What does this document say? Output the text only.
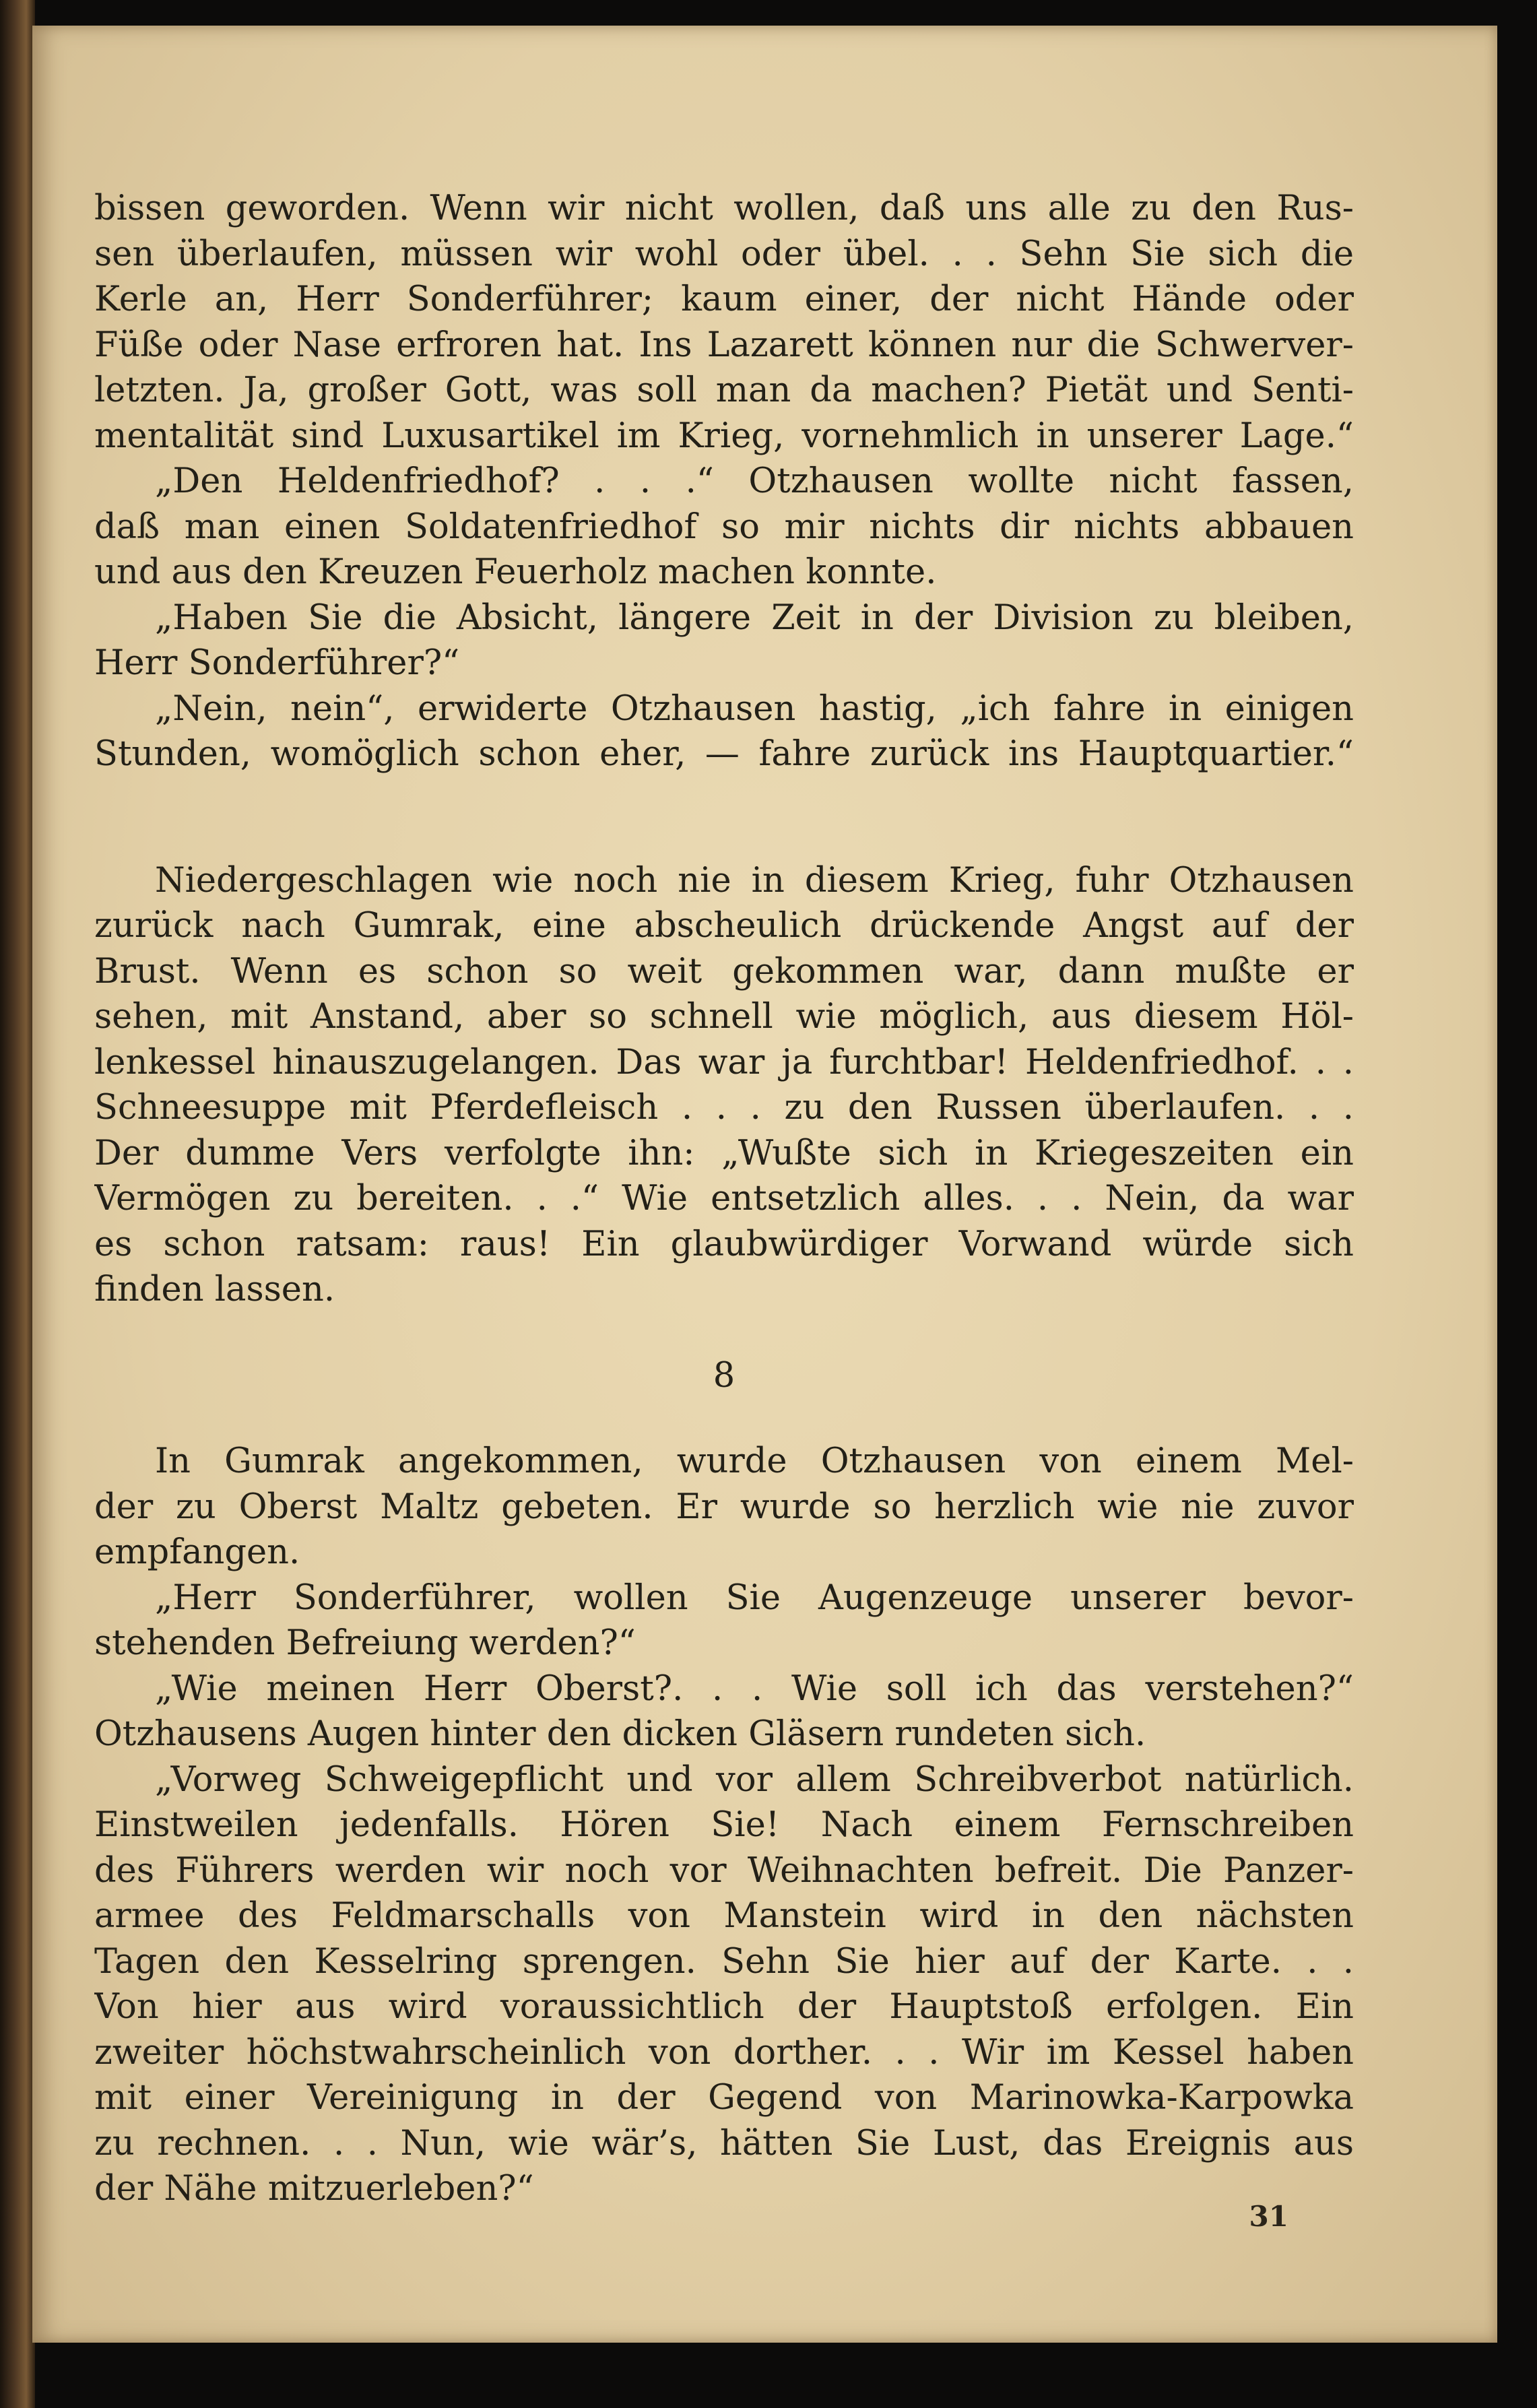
bissen geworden. Wenn wir nicht wollen, daß uns alle zu den Rus-
sen überlaufen, müssen wir wohl oder übel. . . Sehn Sie sich die
Kerle an, Herr Sonderführer; kaum einer, der nicht Hände oder
Füße oder Nase erfroren hat. Ins Lazarett können nur die Schwerver-
letzten. Ja, großer Gott, was soll man da machen? Pietät und Senti-
mentalität sind Luxusartikel im Krieg, vornehmlich in unserer Lage.“
„Den Heldenfriedhof? . . .“ Otzhausen wollte nicht fassen,
daß man einen Soldatenfriedhof so mir nichts dir nichts abbauen
und aus den Kreuzen Feuerholz machen konnte.
„Haben Sie die Absicht, längere Zeit in der Division zu bleiben,
Herr Sonderführer?“
„Nein, nein“, erwiderte Otzhausen hastig, „ich fahre in einigen
Stunden, womöglich schon eher, — fahre zurück ins Hauptquartier.“
Niedergeschlagen wie noch nie in diesem Krieg, fuhr Otzhausen
zurück nach Gumrak, eine abscheulich drückende Angst auf der
Brust. Wenn es schon so weit gekommen war, dann mußte er
sehen, mit Anstand, aber so schnell wie möglich, aus diesem Höl-
lenkessel hinauszugelangen. Das war ja furchtbar! Heldenfriedhof. . .
Schneesuppe mit Pferdefleisch . . . zu den Russen überlaufen. . .
Der dumme Vers verfolgte ihn: „Wußte sich in Kriegeszeiten ein
Vermögen zu bereiten. . .“ Wie entsetzlich alles. . . Nein, da war
es schon ratsam: raus! Ein glaubwürdiger Vorwand würde sich
finden lassen.
8
In Gumrak angekommen, wurde Otzhausen von einem Mel-
der zu Oberst Maltz gebeten. Er wurde so herzlich wie nie zuvor
empfangen.
„Herr Sonderführer, wollen Sie Augenzeuge unserer bevor-
stehenden Befreiung werden?“
„Wie meinen Herr Oberst?. . . Wie soll ich das verstehen?“
Otzhausens Augen hinter den dicken Gläsern rundeten sich.
„Vorweg Schweigepflicht und vor allem Schreibverbot natürlich.
Einstweilen jedenfalls. Hören Sie! Nach einem Fernschreiben
des Führers werden wir noch vor Weihnachten befreit. Die Panzer-
armee des Feldmarschalls von Manstein wird in den nächsten
Tagen den Kesselring sprengen. Sehn Sie hier auf der Karte. . .
Von hier aus wird voraussichtlich der Hauptstoß erfolgen. Ein
zweiter höchstwahrscheinlich von dorther. . . Wir im Kessel haben
mit einer Vereinigung in der Gegend von Marinowka-Karpowka
zu rechnen. . . Nun, wie wär’s, hätten Sie Lust, das Ereignis aus
der Nähe mitzuerleben?“
31
